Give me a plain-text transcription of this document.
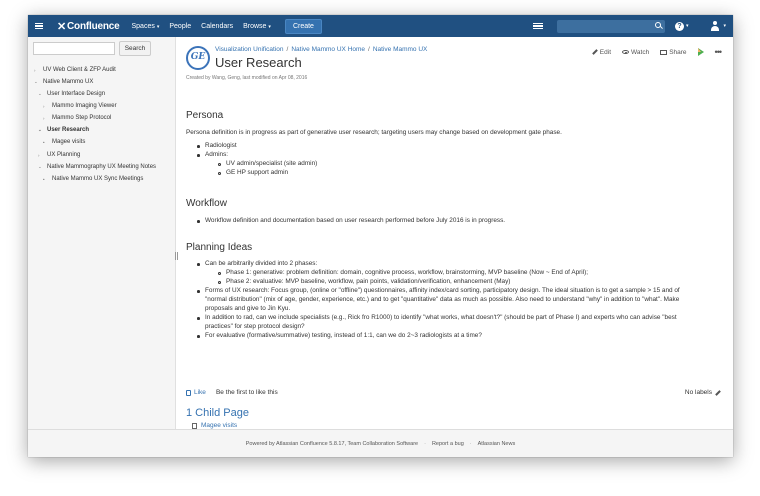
✕ Confluence Spaces ▾ People Calendars Browse ▾	Create	? ▾	▾
Search
›	UV Web Client & ZFP Audit
⌄ Native Mammo UX
⌄ User Interface Design
›	Mammo Imaging Viewer
›	Mammo Step Protocol
⌄ User Research
•	Magee visits
›	UX Planning
⌄ Native Mammography UX Meeting Notes
•	Native Mammo UX Sync Meetings
GE
Visualization Unification / Native Mammo UX Home / Native Mammo UX
User Research
Created by Wang, Geng, last modified on Apr 08, 2016
Edit	Watch	Share	•••
Persona
Persona definition is in progress as part of generative user research; targeting users may change based on development gate phase.
Radiologist
Admins:
UV admin/specialist (site admin)
GE HP support admin
Workflow
Workflow definition and documentation based on user research performed before July 2016 is in progress.
Planning Ideas
Can be arbitrarily divided into 2 phases:
Phase 1: generative: problem definition: domain, cognitive process, workflow, brainstorming, MVP baseline (Now ~ End of April);
Phase 2: evaluative: MVP baseline, workflow, pain points, validation/verification, enhancement (May)
Forms of UX research: Focus group, (online or "offline") questionnaires, affinity index/card sorting, participatory design. The ideal situation is to get a sample > 15 and of
"normal distribution" (mix of age, gender, experience, etc.) and to get "quantitative" data as much as possible. Also need to understand "why" in addition to "what". Make
proposals and give to Jin Kyu.
In addition to rad, can we include specialists (e.g., Rick fro R1000) to identify "what works, what doesn't?" (should be part of Phase I) and experts who can advise "best
practices" for step protocol design?
For evaluative (formative/summative) testing, instead of 1:1, can we do 2~3 radiologists at a time?
Like Be the first to like this	No labels
1 Child Page
Magee visits
Powered by Atlassian Confluence 5.8.17, Team Collaboration Software · Report a bug · Atlassian News
